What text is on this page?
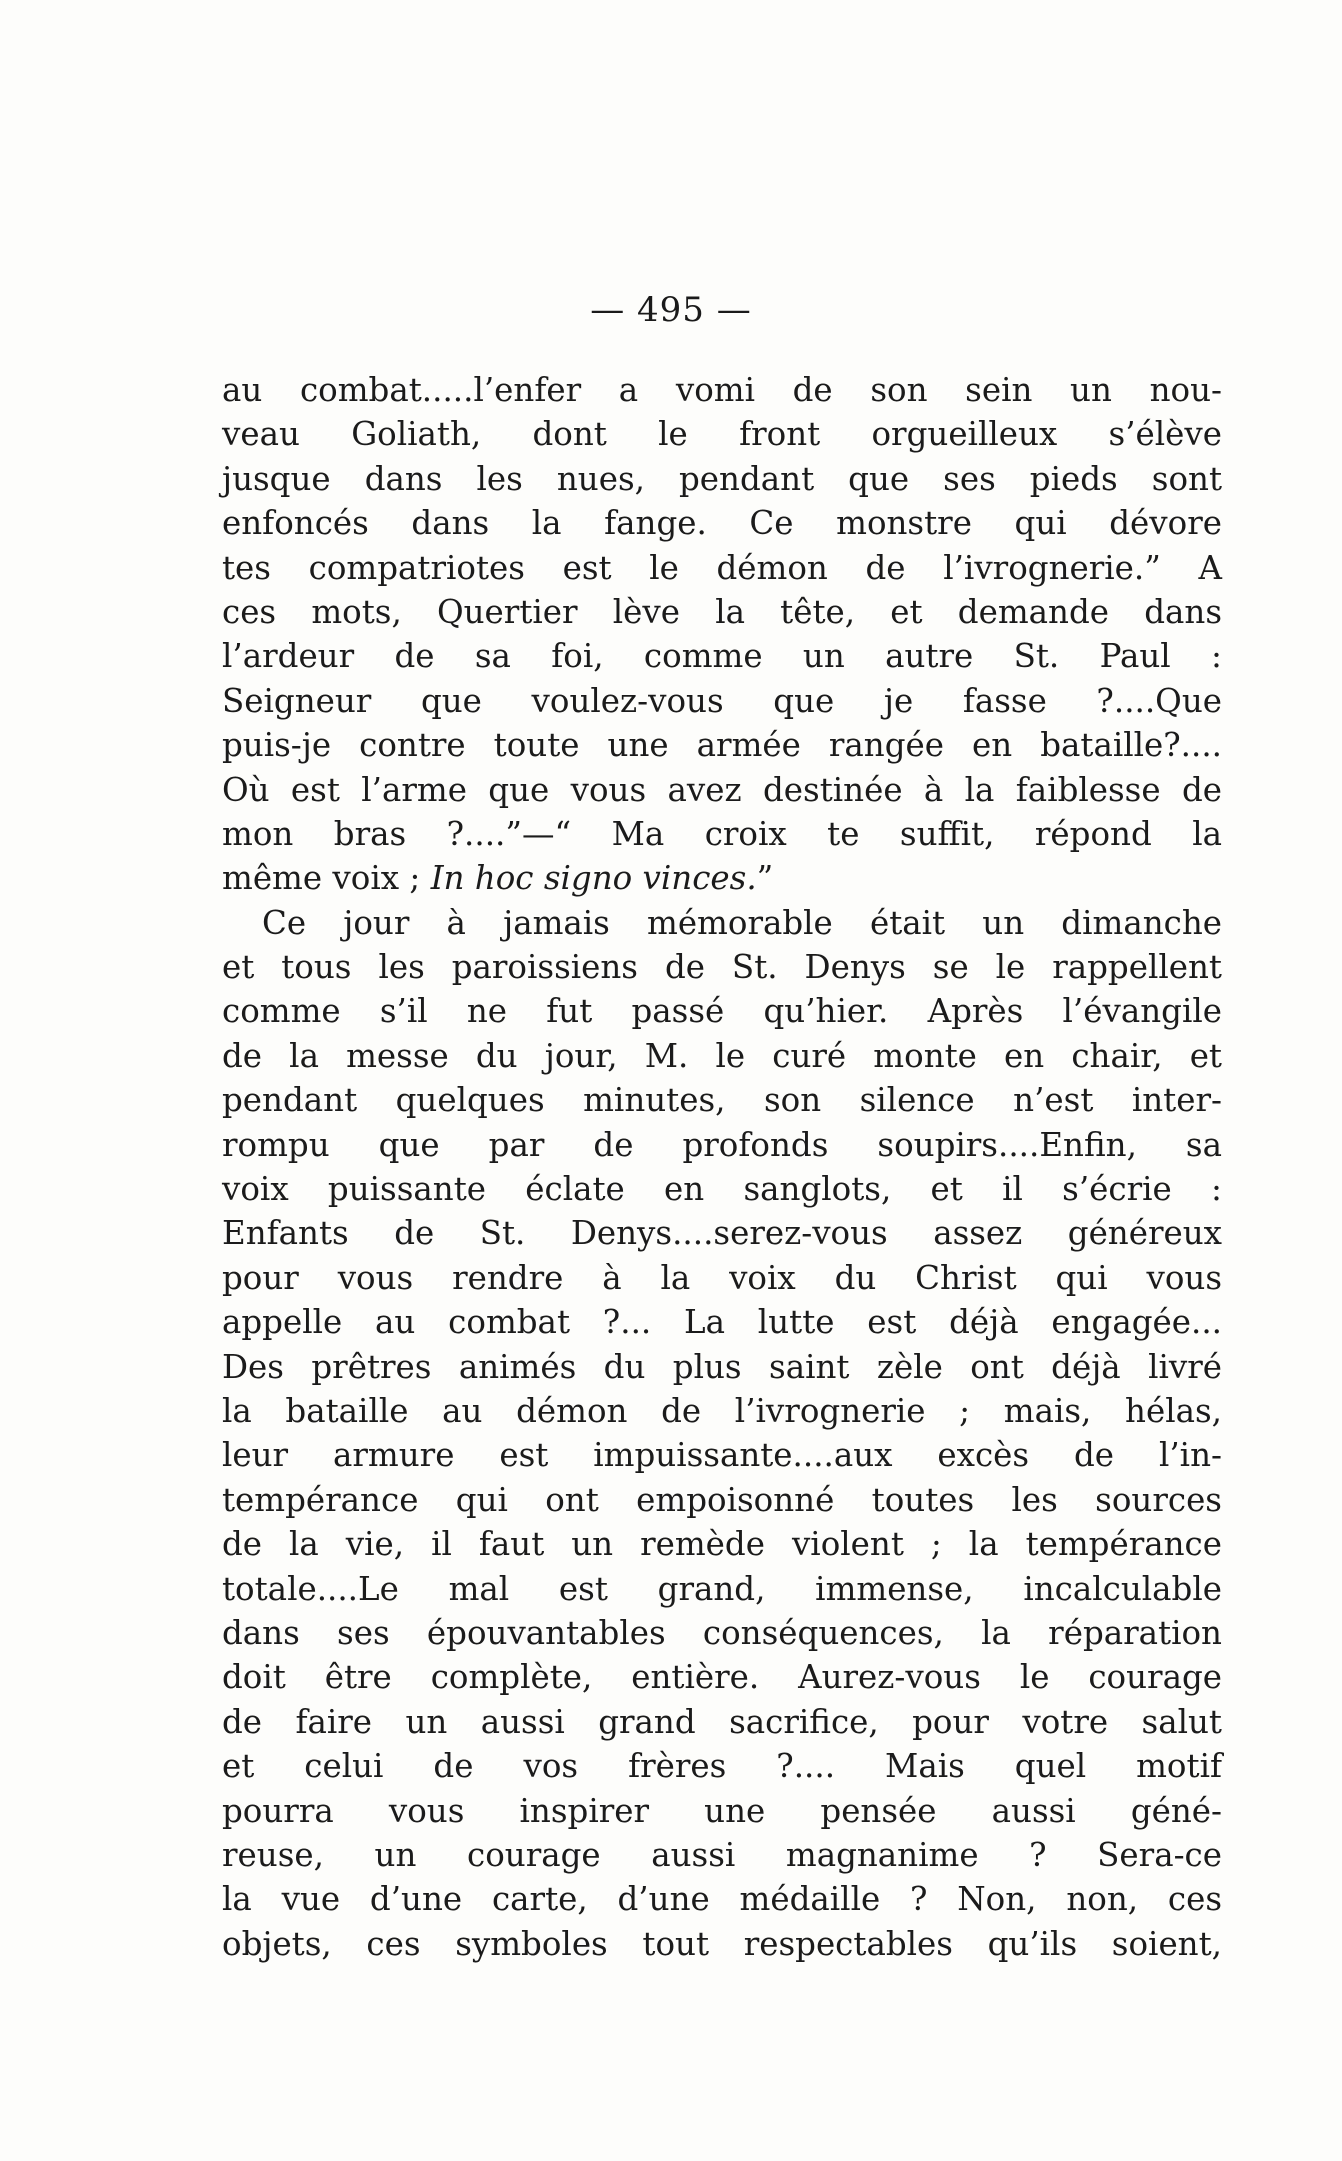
— 495 —
au combat.....l’enfer a vomi de son sein un nou-
veau Goliath, dont le front orgueilleux s’élève
jusque dans les nues, pendant que ses pieds sont
enfoncés dans la fange. Ce monstre qui dévore
tes compatriotes est le démon de l’ivrognerie.” A
ces mots, Quertier lève la tête, et demande dans
l’ardeur de sa foi, comme un autre St. Paul :
Seigneur que voulez-vous que je fasse ?....Que
puis-je contre toute une armée rangée en bataille?....
Où est l’arme que vous avez destinée à la faiblesse de
mon bras ?....”—“ Ma croix te suffit, répond la
même voix ; In hoc signo vinces.”
Ce jour à jamais mémorable était un dimanche
et tous les paroissiens de St. Denys se le rappellent
comme s’il ne fut passé qu’hier. Après l’évangile
de la messe du jour, M. le curé monte en chair, et
pendant quelques minutes, son silence n’est inter-
rompu que par de profonds soupirs....Enfin, sa
voix puissante éclate en sanglots, et il s’écrie :
Enfants de St. Denys....serez-vous assez généreux
pour vous rendre à la voix du Christ qui vous
appelle au combat ?... La lutte est déjà engagée...
Des prêtres animés du plus saint zèle ont déjà livré
la bataille au démon de l’ivrognerie ; mais, hélas,
leur armure est impuissante....aux excès de l’in-
tempérance qui ont empoisonné toutes les sources
de la vie, il faut un remède violent ; la tempérance
totale....Le mal est grand, immense, incalculable
dans ses épouvantables conséquences, la réparation
doit être complète, entière. Aurez-vous le courage
de faire un aussi grand sacrifice, pour votre salut
et celui de vos frères ?.... Mais quel motif
pourra vous inspirer une pensée aussi géné-
reuse, un courage aussi magnanime ? Sera-ce
la vue d’une carte, d’une médaille ? Non, non, ces
objets, ces symboles tout respectables qu’ils soient,
